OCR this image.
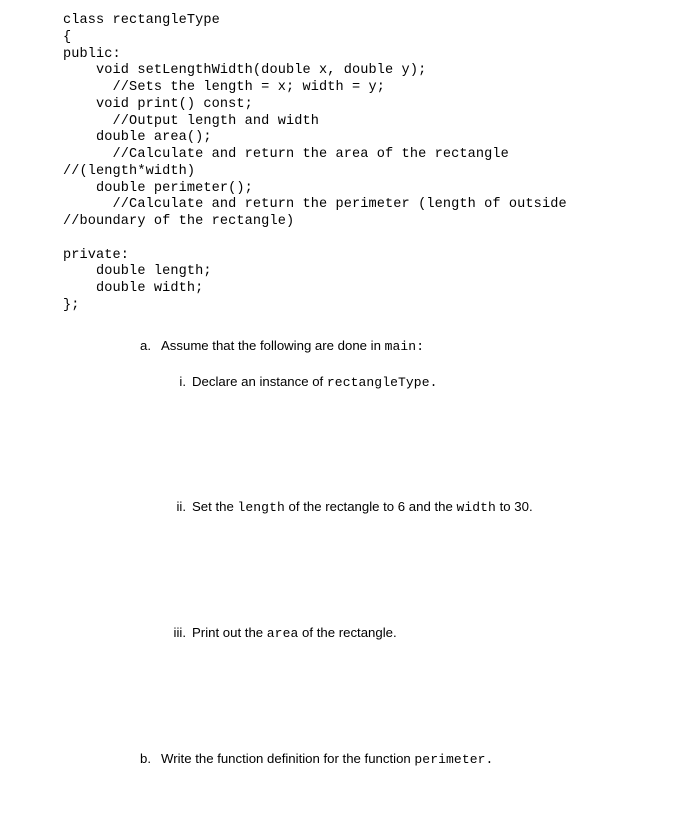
class rectangleType
{
public:
void setLengthWidth(double x, double y);
//Sets the length = x; width = y;
void print() const;
//Output length and width
double area();
//Calculate and return the area of the rectangle
//(length*width)
double perimeter();
//Calculate and return the perimeter (length of outside
//boundary of the rectangle)
private:
double length;
double width;
};
a. Assume that the following are done in main:
i. Declare an instance of rectangleType.
ii. Set the length of the rectangle to 6 and the width to 30.
iii. Print out the area of the rectangle.
b. Write the function definition for the function perimeter.
